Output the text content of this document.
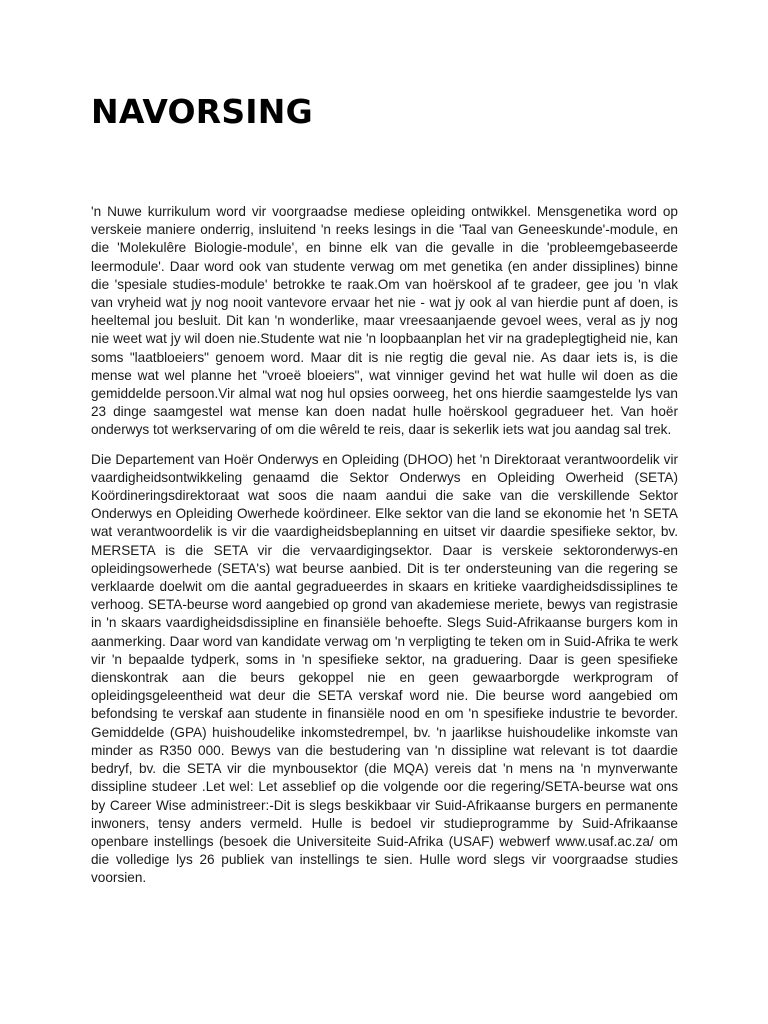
NAVORSING

'n Nuwe kurrikulum word vir voorgraadse mediese opleiding ontwikkel. Mensgenetika word op verskeie maniere onderrig, insluitend 'n reeks lesings in die 'Taal van Geneeskunde'-module, en die 'Molekulêre Biologie-module', en binne elk van die gevalle in die 'probleemgebaseerde leermodule'. Daar word ook van studente verwag om met genetika (en ander dissiplines) binne die 'spesiale studies-module' betrokke te raak.Om van hoërskool af te gradeer, gee jou 'n vlak van vryheid wat jy nog nooit vantevore ervaar het nie - wat jy ook al van hierdie punt af doen, is heeltemal jou besluit. Dit kan 'n wonderlike, maar vreesaanjaende gevoel wees, veral as jy nog nie weet wat jy wil doen nie.Studente wat nie 'n loopbaanplan het vir na gradeplegtigheid nie, kan soms "laatbloeiers" genoem word. Maar dit is nie regtig die geval nie. As daar iets is, is die mense wat wel planne het "vroeë bloeiers", wat vinniger gevind het wat hulle wil doen as die gemiddelde persoon.Vir almal wat nog hul opsies oorweeg, het ons hierdie saamgestelde lys van 23 dinge saamgestel wat mense kan doen nadat hulle hoërskool gegradueer het. Van hoër onderwys tot werkservaring of om die wêreld te reis, daar is sekerlik iets wat jou aandag sal trek.

Die Departement van Hoër Onderwys en Opleiding (DHOO) het 'n Direktoraat verantwoordelik vir vaardigheidsontwikkeling genaamd die Sektor Onderwys en Opleiding Owerheid (SETA) Koördineringsdirektoraat wat soos die naam aandui die sake van die verskillende Sektor Onderwys en Opleiding Owerhede koördineer. Elke sektor van die land se ekonomie het 'n SETA wat verantwoordelik is vir die vaardigheidsbeplanning en uitset vir daardie spesifieke sektor, bv. MERSETA is die SETA vir die vervaardigingsektor. Daar is verskeie sektoronderwys-en opleidingsowerhede (SETA's) wat beurse aanbied. Dit is ter ondersteuning van die regering se verklaarde doelwit om die aantal gegradueerdes in skaars en kritieke vaardigheidsdissiplines te verhoog. SETA-beurse word aangebied op grond van akademiese meriete, bewys van registrasie in 'n skaars vaardigheidsdissipline en finansiële behoefte. Slegs Suid-Afrikaanse burgers kom in aanmerking. Daar word van kandidate verwag om 'n verpligting te teken om in Suid-Afrika te werk vir 'n bepaalde tydperk, soms in 'n spesifieke sektor, na graduering. Daar is geen spesifieke dienskontrak aan die beurs gekoppel nie en geen gewaarborgde werkprogram of opleidingsgeleentheid wat deur die SETA verskaf word nie. Die beurse word aangebied om befondsing te verskaf aan studente in finansiële nood en om 'n spesifieke industrie te bevorder. Gemiddelde (GPA) huishoudelike inkomstedrempel, bv. 'n jaarlikse huishoudelike inkomste van minder as R350 000. Bewys van die bestudering van 'n dissipline wat relevant is tot daardie bedryf, bv. die SETA vir die mynbousektor (die MQA) vereis dat 'n mens na 'n mynverwante dissipline studeer .Let wel: Let asseblief op die volgende oor die regering/SETA-beurse wat ons by Career Wise administreer:-Dit is slegs beskikbaar vir Suid-Afrikaanse burgers en permanente inwoners, tensy anders vermeld. Hulle is bedoel vir studieprogramme by Suid-Afrikaanse openbare instellings (besoek die Universiteite Suid-Afrika (USAF) webwerf www.usaf.ac.za/ om die volledige lys 26 publiek van instellings te sien. Hulle word slegs vir voorgraadse studies voorsien.
